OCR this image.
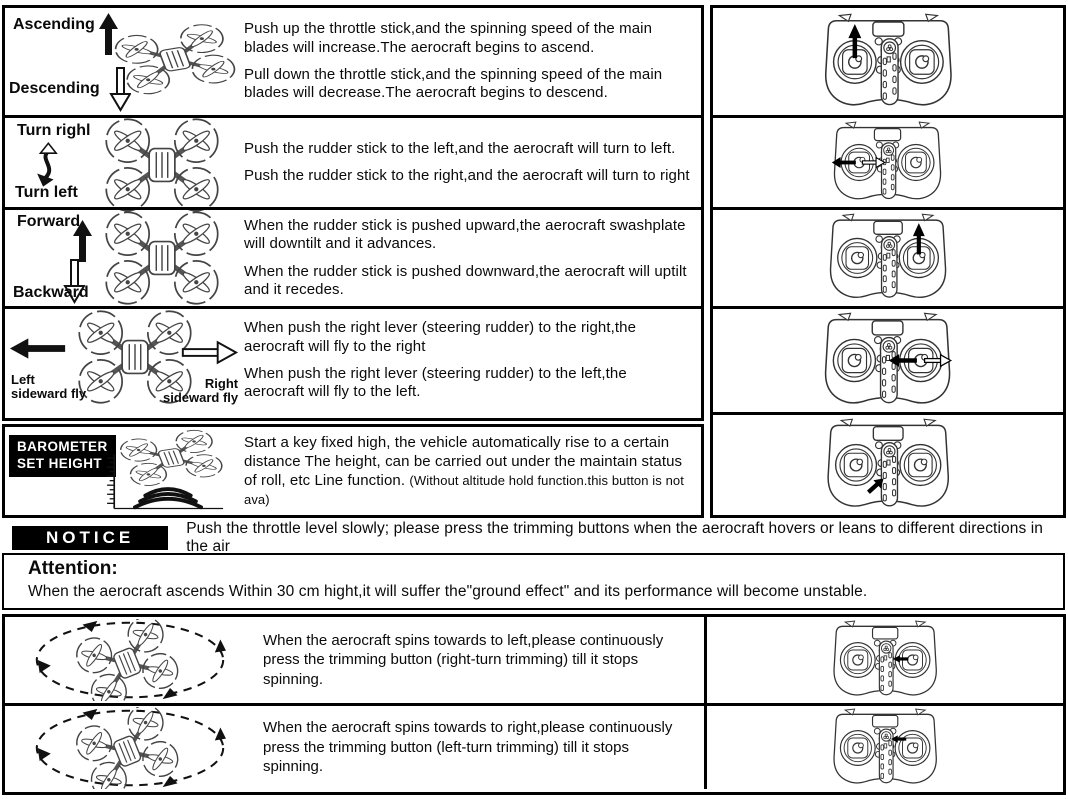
Ascending
Descending

Push up the throttle stick,and the spinning speed of the main blades will increase.The aerocraft begins to ascend.

Pull down the throttle stick,and the spinning speed of the main blades will decrease.The aerocraft begins to descend.

Turn righl
Turn left

Push the rudder stick to the left,and the aerocraft will turn to left.

Push the rudder stick to the right,and the aerocraft will turn to right

Forward
Backward

When the rudder stick is pushed upward,the aerocraft swashplate will downtilt and it advances.

When the rudder stick is pushed downward,the aerocraft will uptilt and it recedes.

Left
sideward fly
Right
sideward fly

When push the right lever (steering rudder) to the right,the aerocraft will fly to the right

When push the right lever (steering rudder) to the left,the aerocraft will fly to the left.

BAROMETER
SET HEIGHT

Start a key fixed high, the vehicle automatically rise to a certain distance The height, can be carried out under the maintain status of roll, etc Line function. (Without altitude hold function.this button is not ava)

NOTICE	Push the throttle level slowly; please press the trimming buttons when the aerocraft hovers or leans to different directions in the air
Attention:

When the aerocraft ascends Within 30 cm hight,it will suffer the"ground effect" and its performance will become unstable.

When the aerocraft spins towards to left,please continuously press the trimming button (right-turn trimming) till it stops spinning.

When the aerocraft spins towards to right,please continuously press the trimming button (left-turn trimming) till it stops spinning.
